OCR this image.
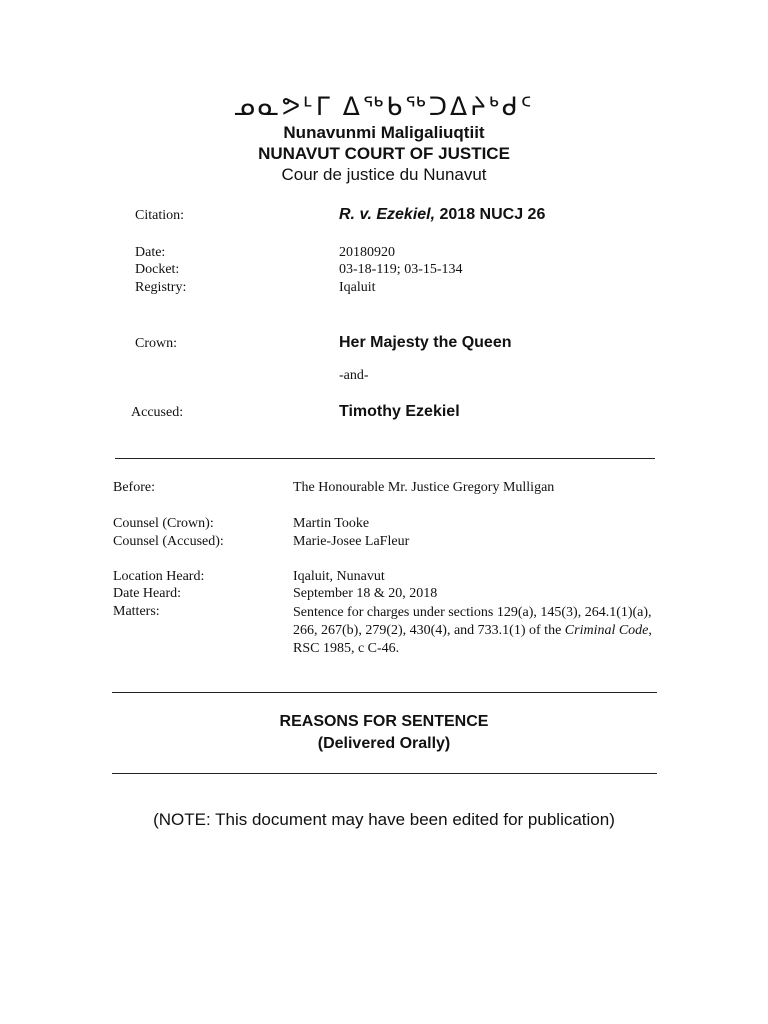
ᓄᓇᕗᒻᒥ ᐃᖅᑲᖅᑐᐃᔨᒃᑯᑦ
Nunavunmi Maligaliuqtiit
NUNAVUT COURT OF JUSTICE
Cour de justice du Nunavut
Citation:	R. v. Ezekiel, 2018 NUCJ 26
Date:	20180920
Docket:	03-18-119; 03-15-134
Registry:	Iqaluit
Crown:	Her Majesty the Queen
-and-
Accused:	Timothy Ezekiel
Before:	The Honourable Mr. Justice Gregory Mulligan
Counsel (Crown):	Martin Tooke
Counsel (Accused):	Marie-Josee LaFleur
Location Heard:	Iqaluit, Nunavut
Date Heard:	September 18 & 20, 2018
Matters:	Sentence for charges under sections 129(a), 145(3), 264.1(1)(a), 266, 267(b), 279(2), 430(4), and 733.1(1) of the Criminal Code, RSC 1985, c C-46.
REASONS FOR SENTENCE
(Delivered Orally)
(NOTE: This document may have been edited for publication)
